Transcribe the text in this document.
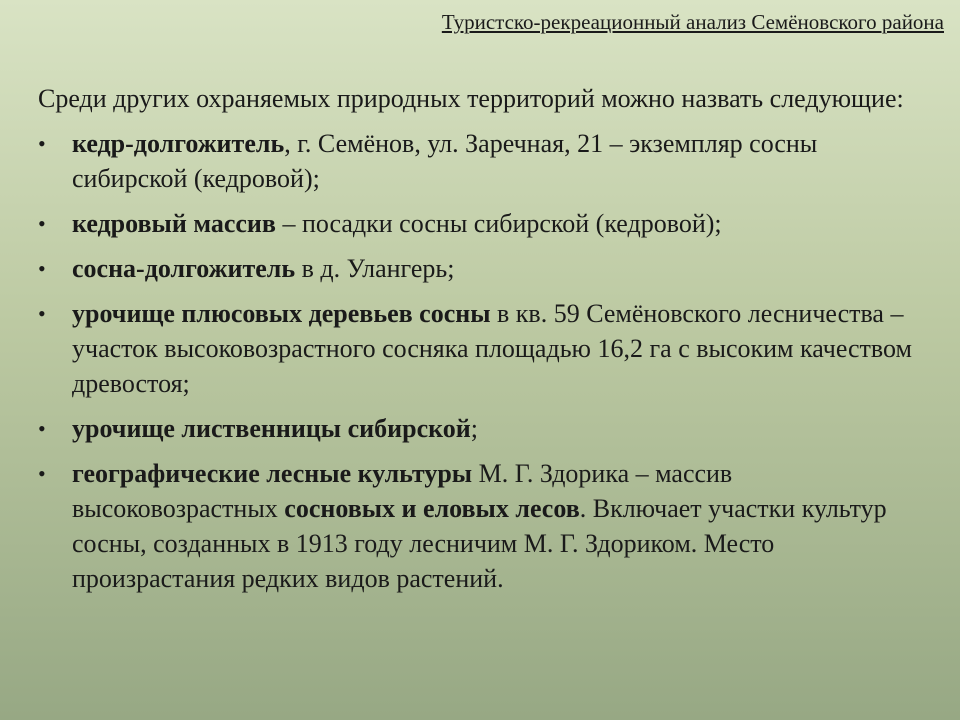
Туристско-рекреационный анализ Семёновского района

Среди других охраняемых природных территорий можно назвать следующие:

• кедр-долгожитель, г. Семёнов, ул. Заречная, 21 – экземпляр сосны сибирской (кедровой);
• кедровый массив – посадки сосны сибирской (кедровой);
• сосна-долгожитель в д. Улангерь;
• урочище плюсовых деревьев сосны в кв. 59 Семёновского лесничества – участок высоковозрастного сосняка площадью 16,2 га с высоким качеством древостоя;
• урочище лиственницы сибирской;
• географические лесные культуры М. Г. Здорика – массив высоковозрастных сосновых и еловых лесов. Включает участки культур сосны, созданных в 1913 году лесничим М. Г. Здориком. Место произрастания редких видов растений.
